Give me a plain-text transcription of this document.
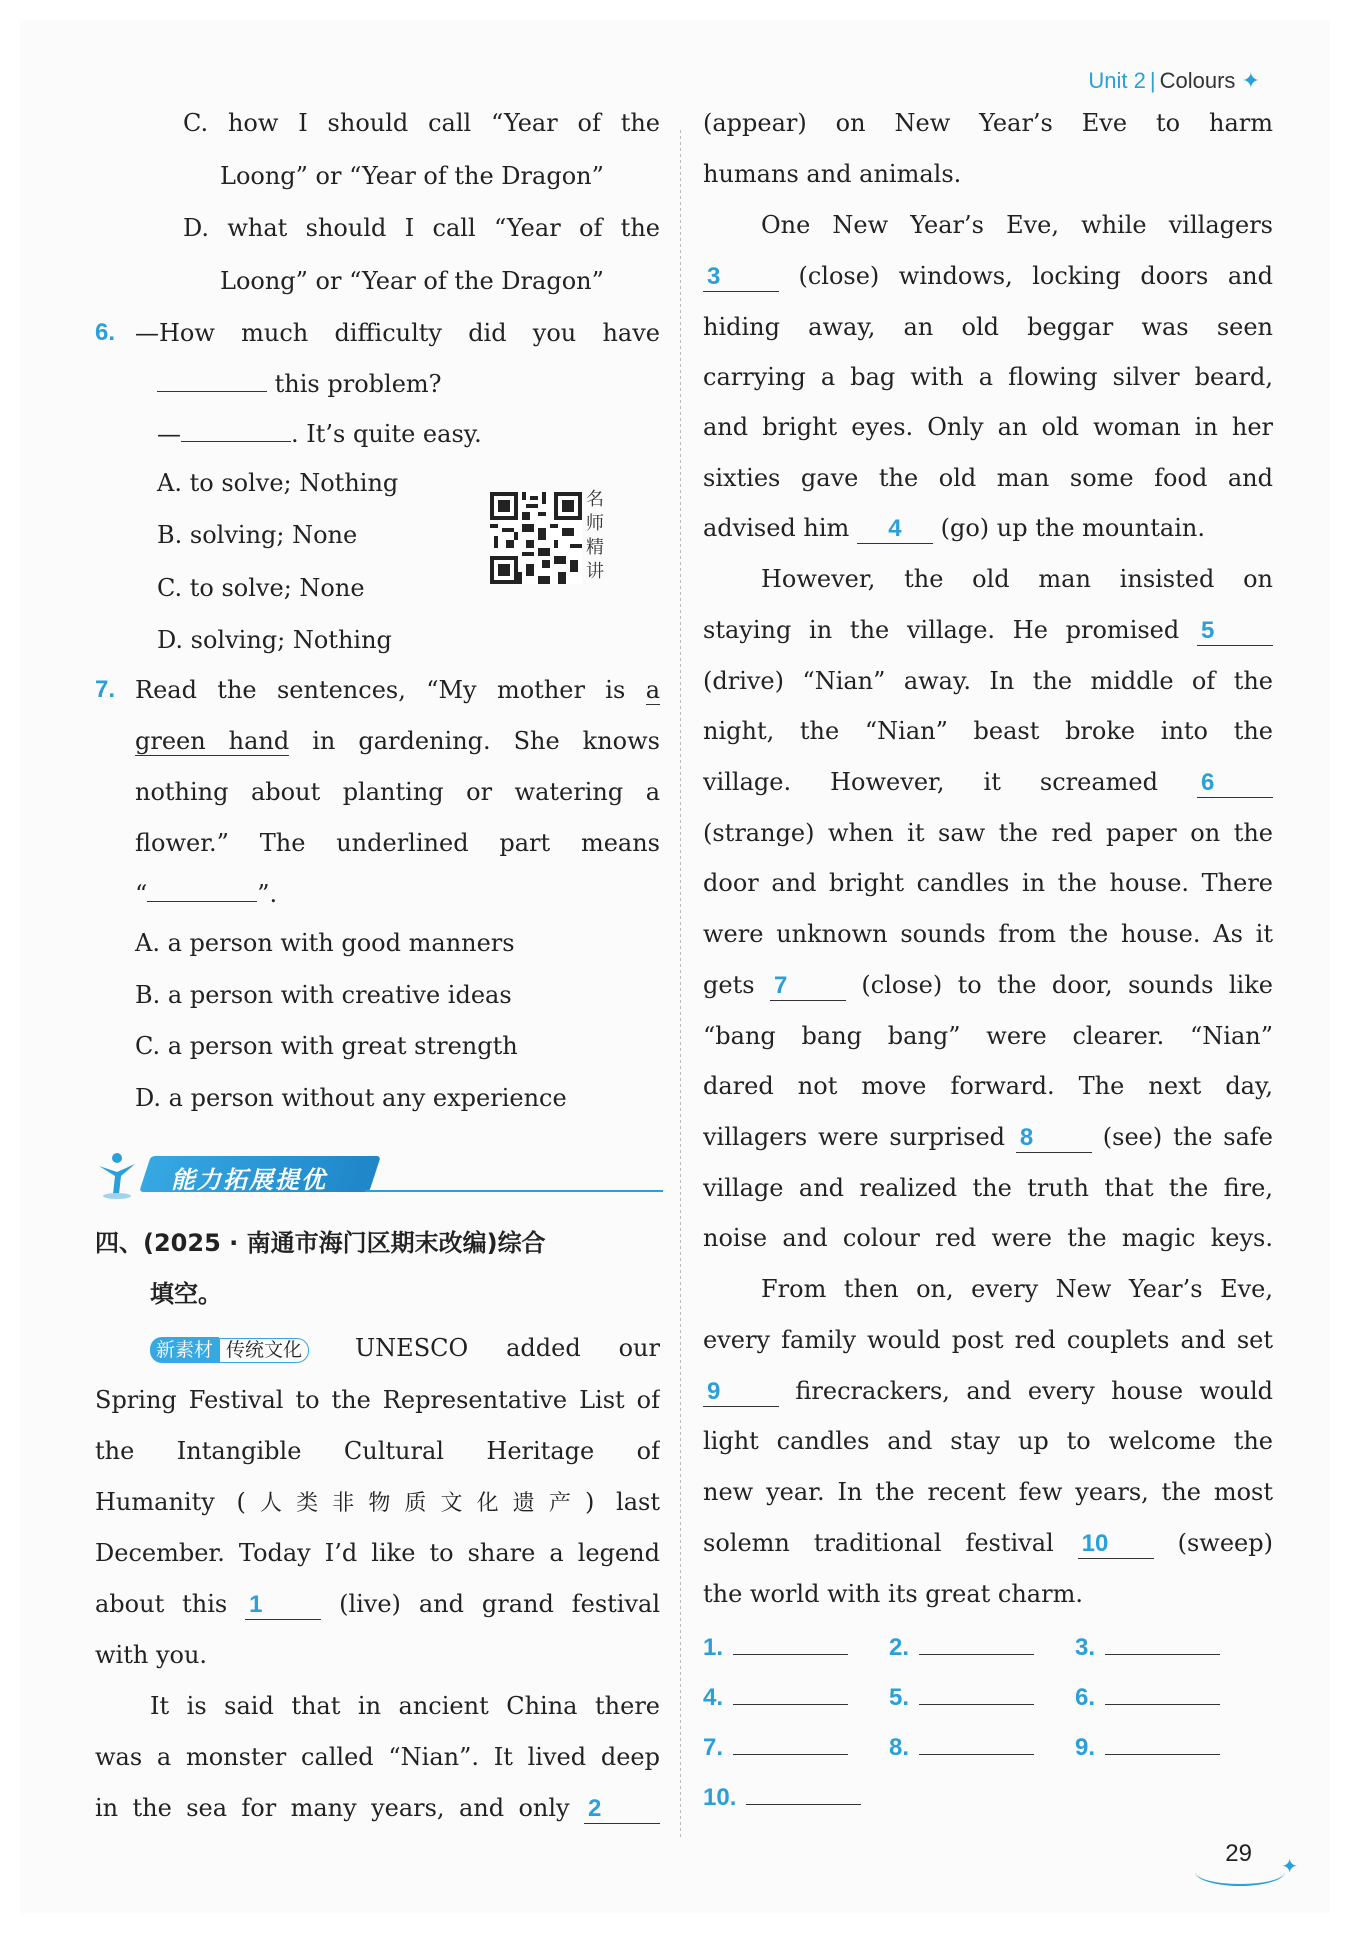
Unit 2 | Colours ✦
C. how I should call “Year of the
Loong” or “Year of the Dragon”
D. what should I call “Year of the
Loong” or “Year of the Dragon”
6. —How much difficulty did you have
this problem?
—	. It’s quite easy.
A. to solve; Nothing
B. solving; None
C. to solve; None
D. solving; Nothing
7. Read the sentences, “My mother is a
green hand in gardening. She knows
nothing about planting or watering a
flower.” The underlined part means
“	”.
A. a person with good manners
B. a person with creative ideas
C. a person with great strength
D. a person without any experience
名师精讲
能力拓展提优
四、(2025 · 南通市海门区期末改编)综合
填空。
新素材 传统文化 UNESCO added our
Spring Festival to the Representative List of
the Intangible Cultural Heritage of
Humanity (人类非物质文化遗产) last
December. Today I’d like to share a legend
about this 1	(live) and grand festival
with you.
It is said that in ancient China there
was a monster called “Nian”. It lived deep
in the sea for many years, and only 2
(appear) on New Year’s Eve to harm
humans and animals.
One New Year’s Eve, while villagers
3	(close) windows, locking doors and
hiding away, an old beggar was seen
carrying a bag with a flowing silver beard,
and bright eyes. Only an old woman in her
sixties gave the old man some food and
advised him 4 (go) up the mountain.
However, the old man insisted on
staying in the village. He promised 5
(drive) “Nian” away. In the middle of the
night, the “Nian” beast broke into the
village. However, it screamed 6
(strange) when it saw the red paper on the
door and bright candles in the house. There
were unknown sounds from the house. As it
gets 7	(close) to the door, sounds like
“bang bang bang” were clearer. “Nian”
dared not move forward. The next day,
villagers were surprised 8	(see) the safe
village and realized the truth that the fire,
noise and colour red were the magic keys.
From then on, every New Year’s Eve,
every family would post red couplets and set
9	firecrackers, and every house would
light candles and stay up to welcome the
new year. In the recent few years, the most
solemn traditional festival 10	(sweep)
the world with its great charm.
1.	2.	3.
4.	5.	6.
7.	8.	9.
10.
29 ✦
